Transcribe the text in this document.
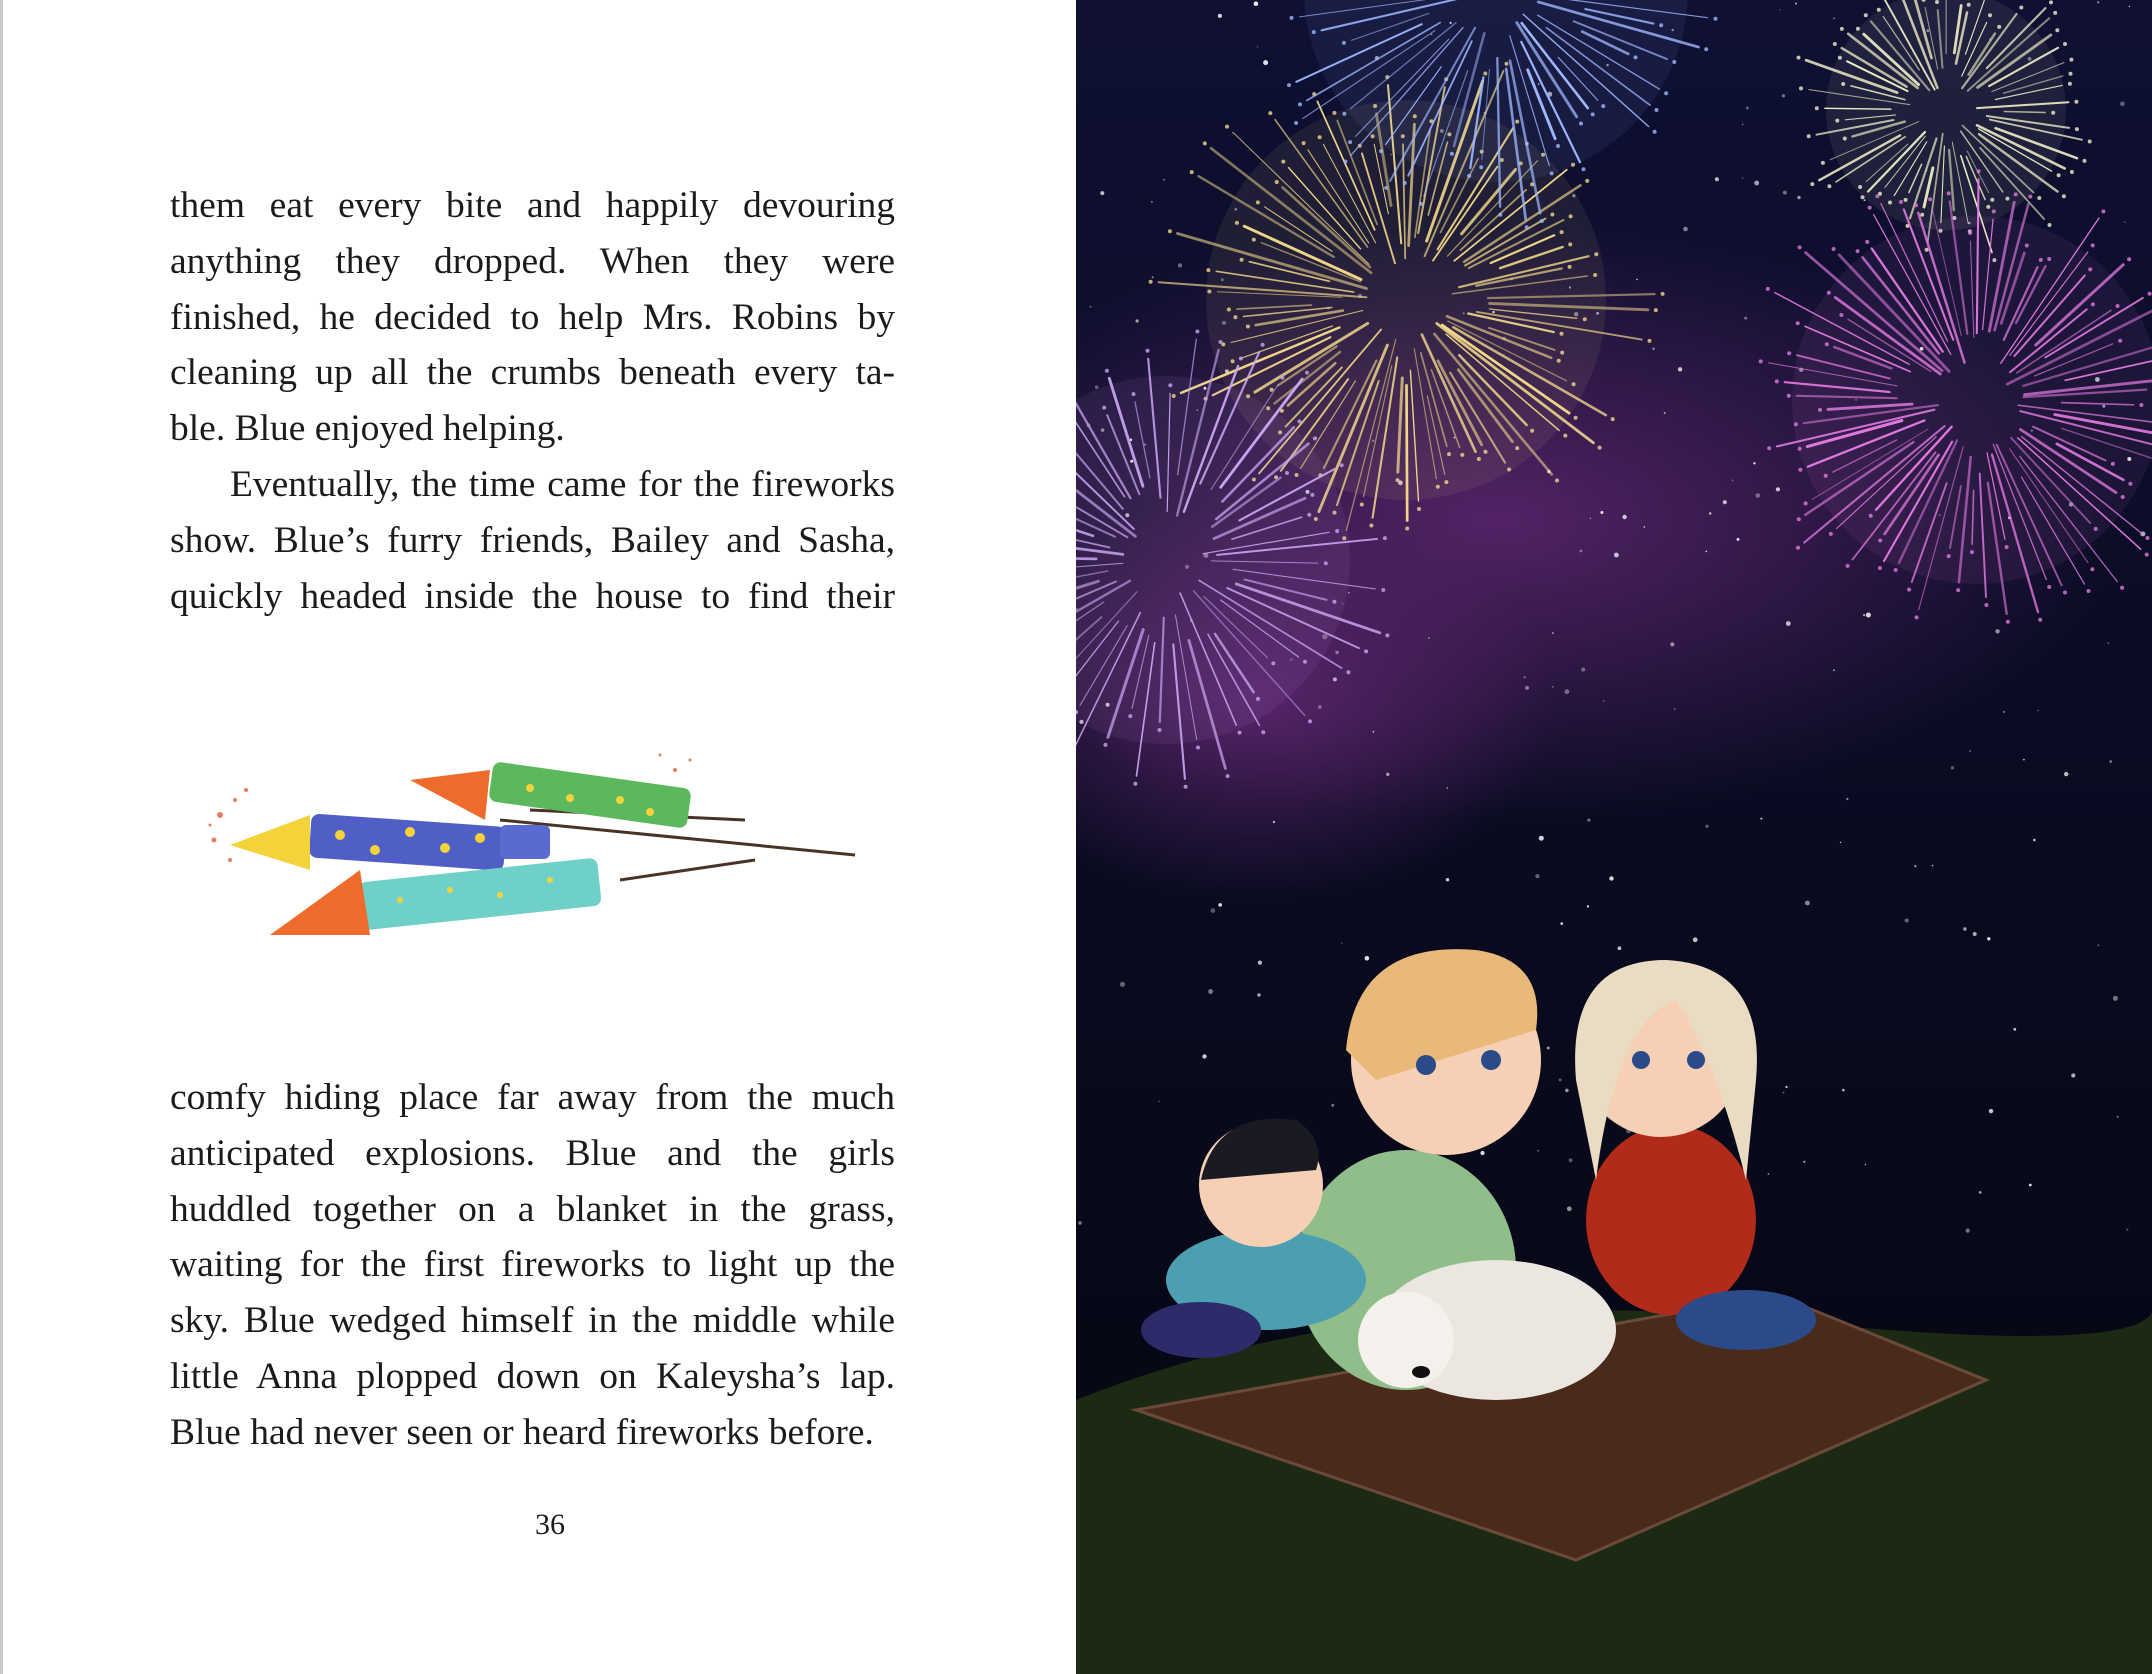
them eat every bite and happily devouring
anything they dropped. When they were
finished, he decided to help Mrs. Robins by
cleaning up all the crumbs beneath every ta-
ble. Blue enjoyed helping.
Eventually, the time came for the fireworks
show. Blue’s furry friends, Bailey and Sasha,
quickly headed inside the house to find their
comfy hiding place far away from the much
anticipated explosions. Blue and the girls
huddled together on a blanket in the grass,
waiting for the first fireworks to light up the
sky. Blue wedged himself in the middle while
little Anna plopped down on Kaleysha’s lap.
Blue had never seen or heard fireworks before.
36
